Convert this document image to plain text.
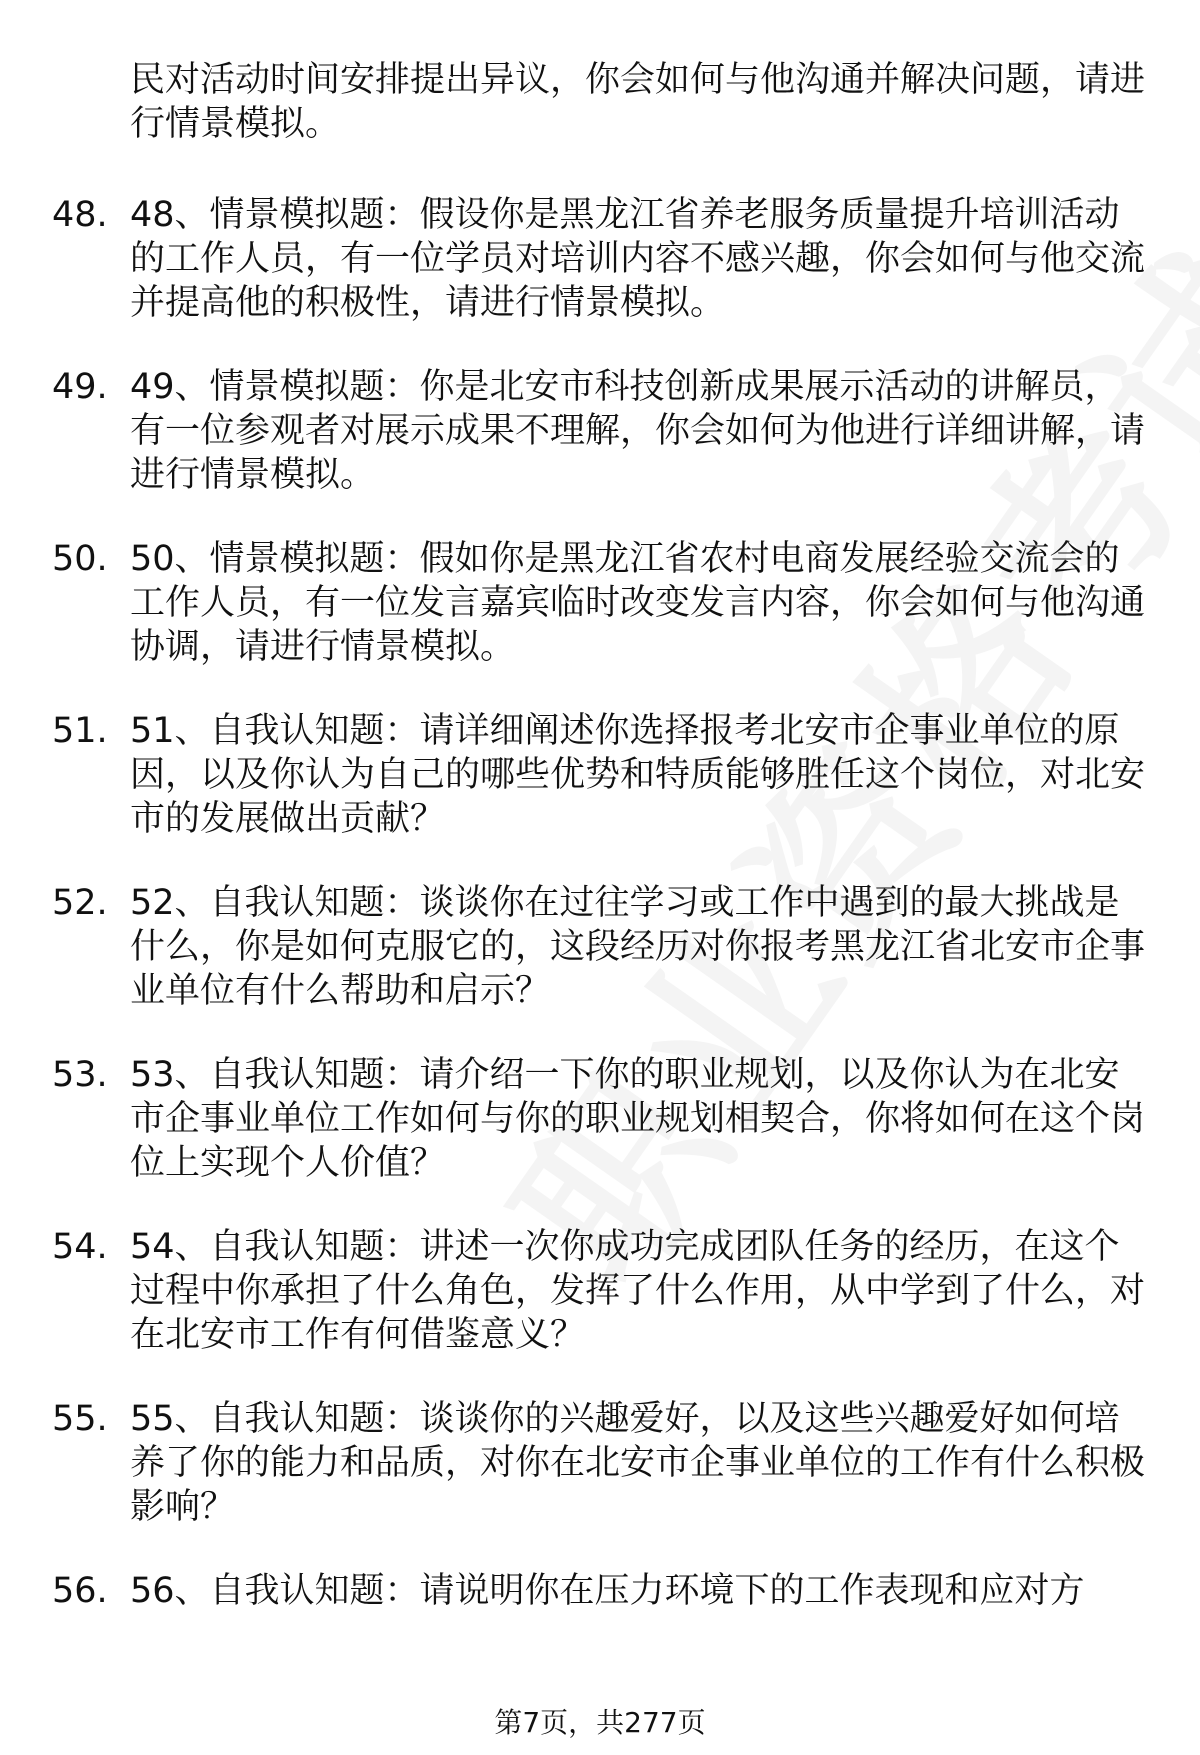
民对活动时间安排提出异议，你会如何与他沟通并解决问题，请进行情景模拟。

48. 48、情景模拟题：假设你是黑龙江省养老服务质量提升培训活动的工作人员，有一位学员对培训内容不感兴趣，你会如何与他交流并提高他的积极性，请进行情景模拟。

49. 49、情景模拟题：你是北安市科技创新成果展示活动的讲解员，有一位参观者对展示成果不理解，你会如何为他进行详细讲解，请进行情景模拟。

50. 50、情景模拟题：假如你是黑龙江省农村电商发展经验交流会的工作人员，有一位发言嘉宾临时改变发言内容，你会如何与他沟通协调，请进行情景模拟。

51. 51、自我认知题：请详细阐述你选择报考北安市企事业单位的原因，以及你认为自己的哪些优势和特质能够胜任这个岗位，对北安市的发展做出贡献？

52. 52、自我认知题：谈谈你在过往学习或工作中遇到的最大挑战是什么，你是如何克服它的，这段经历对你报考黑龙江省北安市企事业单位有什么帮助和启示？

53. 53、自我认知题：请介绍一下你的职业规划，以及你认为在北安市企事业单位工作如何与你的职业规划相契合，你将如何在这个岗位上实现个人价值？

54. 54、自我认知题：讲述一次你成功完成团队任务的经历，在这个过程中你承担了什么角色，发挥了什么作用，从中学到了什么，对在北安市工作有何借鉴意义？

55. 55、自我认知题：谈谈你的兴趣爱好，以及这些兴趣爱好如何培养了你的能力和品质，对你在北安市企事业单位的工作有什么积极影响？

56. 56、自我认知题：请说明你在压力环境下的工作表现和应对方

第7页，共277页
